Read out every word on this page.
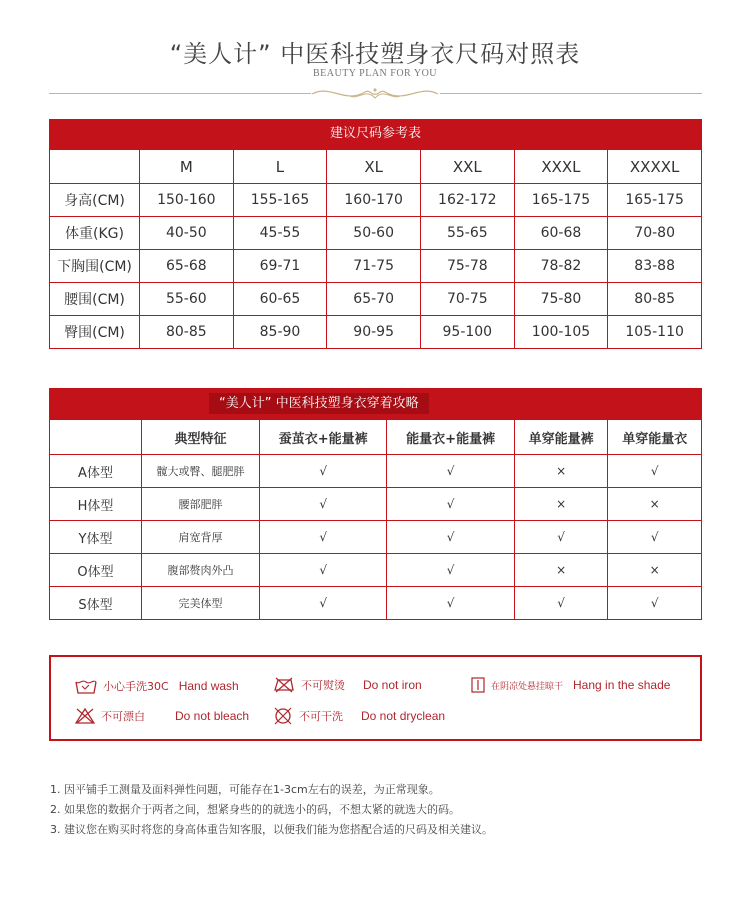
“美人计” 中医科技塑身衣尺码对照表
BEAUTY PLAN FOR YOU
建议尺码参考表
	M	L	XL	XXL	XXXL	XXXXL
身高(CM)	150-160	155-165	160-170	162-172	165-175	165-175
体重(KG)	40-50	45-55	50-60	55-65	60-68	70-80
下胸围(CM)	65-68	69-71	71-75	75-78	78-82	83-88
腰围(CM)	55-60	60-65	65-70	70-75	75-80	80-85
臀围(CM)	80-85	85-90	90-95	95-100	100-105	105-110
“美人计” 中医科技塑身衣穿着攻略
	典型特征	蚕茧衣+能量裤	能量衣+能量裤	单穿能量裤	单穿能量衣
A体型	髋大或臀、腿肥胖	√	√	×	√
H体型	腰部肥胖	√	√	×	×
Y体型	肩宽背厚	√	√	√	√
O体型	腹部赘肉外凸	√	√	×	×
S体型	完美体型	√	√	√	√
小心手洗30C Hand wash	不可熨烫 Do not iron	在阴凉处悬挂晾干 Hang in the shade
不可漂白	Do not bleach	不可干洗 Do not dryclean
1. 因平铺手工测量及面料弹性问题，可能存在1-3cm左右的误差，为正常现象。
2. 如果您的数据介于两者之间，想紧身些的的就选小的码，不想太紧的就选大的码。
3. 建议您在购买时将您的身高体重告知客服，以便我们能为您搭配合适的尺码及相关建议。
